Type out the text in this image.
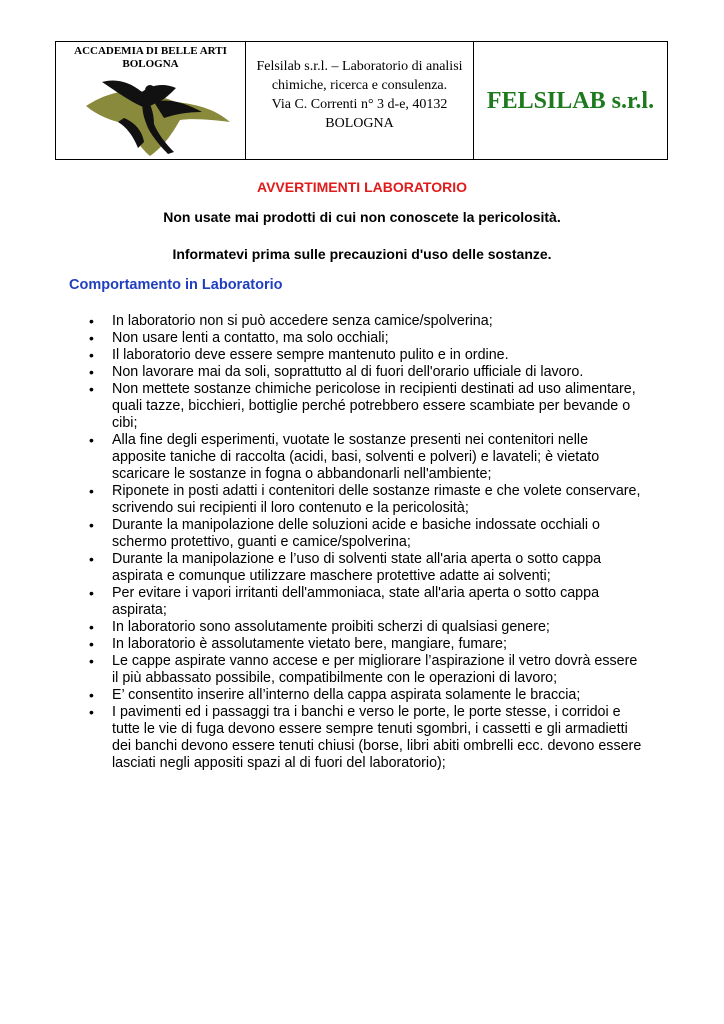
ACCADEMIA DI BELLE ARTI
BOLOGNA	Felsilab s.r.l. – Laboratorio di analisi
chimiche, ricerca e consulenza.
Via C. Correnti n° 3 d-e, 40132
BOLOGNA
FELSILAB s.r.l.
AVVERTIMENTI LABORATORIO
Non usate mai prodotti di cui non conoscete la pericolosità.
Informatevi prima sulle precauzioni d'uso delle sostanze.
Comportamento in Laboratorio
• In laboratorio non si può accedere senza camice/spolverina;
• Non usare lenti a contatto, ma solo occhiali;
• Il laboratorio deve essere sempre mantenuto pulito e in ordine.
• Non lavorare mai da soli, soprattutto al di fuori dell'orario ufficiale di lavoro.
• Non mettete sostanze chimiche pericolose in recipienti destinati ad uso alimentare,
quali tazze, bicchieri, bottiglie perché potrebbero essere scambiate per bevande o
cibi;
• Alla fine degli esperimenti, vuotate le sostanze presenti nei contenitori nelle
apposite taniche di raccolta (acidi, basi, solventi e polveri) e lavateli; è vietato
scaricare le sostanze in fogna o abbandonarli nell'ambiente;
• Riponete in posti adatti i contenitori delle sostanze rimaste e che volete conservare,
scrivendo sui recipienti il loro contenuto e la pericolosità;
• Durante la manipolazione delle soluzioni acide e basiche indossate occhiali o
schermo protettivo, guanti e camice/spolverina;
• Durante la manipolazione e l’uso di solventi state all'aria aperta o sotto cappa
aspirata e comunque utilizzare maschere protettive adatte ai solventi;
• Per evitare i vapori irritanti dell'ammoniaca, state all'aria aperta o sotto cappa
aspirata;
• In laboratorio sono assolutamente proibiti scherzi di qualsiasi genere;
• In laboratorio è assolutamente vietato bere, mangiare, fumare;
• Le cappe aspirate vanno accese e per migliorare l’aspirazione il vetro dovrà essere
il più abbassato possibile, compatibilmente con le operazioni di lavoro;
• E’ consentito inserire all’interno della cappa aspirata solamente le braccia;
• I pavimenti ed i passaggi tra i banchi e verso le porte, le porte stesse, i corridoi e
tutte le vie di fuga devono essere sempre tenuti sgombri, i cassetti e gli armadietti
dei banchi devono essere tenuti chiusi (borse, libri abiti ombrelli ecc. devono essere
lasciati negli appositi spazi al di fuori del laboratorio);
